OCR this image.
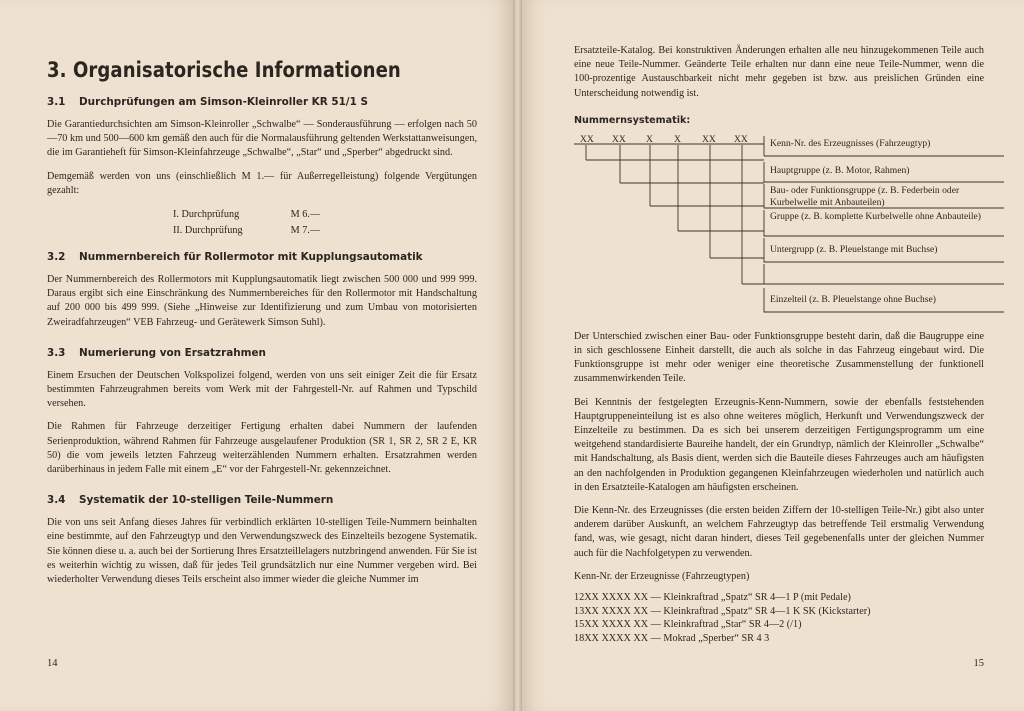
3. Organisatorische Informationen
3.1 Durchprüfungen am Simson-Kleinroller KR 51/1 S

Die Garantiedurchsichten am Simson-Kleinroller „Schwalbe“ — Sonderausführung — erfolgen nach 50—70 km und 500—600 km gemäß den auch für die Normalausführung geltenden Werkstattanweisungen, die im Garantieheft für Simson-Kleinfahrzeuge „Schwalbe“, „Star“ und „Sperber“ abgedruckt sind.

Demgemäß werden von uns (einschließlich M 1.— für Außerregelleistung) folgende Vergütungen gezahlt:

I. Durchprüfung	M 6.—
II. Durchprüfung	M 7.—
3.2 Nummernbereich für Rollermotor mit Kupplungsautomatik

Der Nummernbereich des Rollermotors mit Kupplungsautomatik liegt zwischen 500 000 und 999 999. Daraus ergibt sich eine Einschränkung des Nummernbereiches für den Rollermotor mit Handschaltung auf 200 000 bis 499 999. (Siehe „Hinweise zur Identifizierung und zum Umbau von motorisierten Zweiradfahrzeugen“ VEB Fahrzeug- und Gerätewerk Simson Suhl).

3.3 Numerierung von Ersatzrahmen

Einem Ersuchen der Deutschen Volkspolizei folgend, werden von uns seit einiger Zeit die für Ersatz bestimmten Fahrzeugrahmen bereits vom Werk mit der Fahrgestell-Nr. auf Rahmen und Typschild versehen.

Die Rahmen für Fahrzeuge derzeitiger Fertigung erhalten dabei Nummern der laufenden Serienproduktion, während Rahmen für Fahrzeuge ausgelaufener Produktion (SR 1, SR 2, SR 2 E, KR 50) die vom jeweils letzten Fahrzeug weiterzählenden Nummern erhalten. Ersatzrahmen werden darüberhinaus in jedem Falle mit einem „E“ vor der Fahrgestell-Nr. gekennzeichnet.

3.4 Systematik der 10-stelligen Teile-Nummern

Die von uns seit Anfang dieses Jahres für verbindlich erklärten 10-stelligen Teile-Nummern beinhalten eine bestimmte, auf den Fahrzeugtyp und den Verwendungszweck des Einzelteils bezogene Systematik. Sie können diese u. a. auch bei der Sortierung Ihres Ersatzteillelagers nutzbringend anwenden. Für Sie ist es weiterhin wichtig zu wissen, daß für jedes Teil grundsätzlich nur eine Nummer vergeben wird. Bei wiederholter Verwendung dieses Teils erscheint also immer wieder die gleiche Nummer im

14

Ersatzteile-Katalog. Bei konstruktiven Änderungen erhalten alle neu hinzugekommenen Teile auch eine neue Teile-Nummer. Geänderte Teile erhalten nur dann eine neue Teile-Nummer, wenn die 100-prozentige Austauschbarkeit nicht mehr gegeben ist bzw. aus preislichen Gründen eine Unterscheidung notwendig ist.

Nummernsystematik:
XX XX X X XX XX Kenn-Nr. des Erzeugnisses (Fahrzeugtyp)
Hauptgruppe (z. B. Motor, Rahmen)
Bau- oder Funktionsgruppe (z. B. Federbein oder Kurbelwelle mit Anbauteilen)
Gruppe (z. B. komplette Kurbelwelle ohne Anbauteile)
Untergrupp (z. B. Pleuelstange mit Buchse)
Einzelteil (z. B. Pleuelstange ohne Buchse)

Der Unterschied zwischen einer Bau- oder Funktionsgruppe besteht darin, daß die Baugruppe eine in sich geschlossene Einheit darstellt, die auch als solche in das Fahrzeug eingebaut wird. Die Funktionsgruppe ist mehr oder weniger eine theoretische Zusammenstellung der funktionell zusammenwirkenden Teile.

Bei Kenntnis der festgelegten Erzeugnis-Kenn-Nummern, sowie der ebenfalls feststehenden Hauptgruppeneinteilung ist es also ohne weiteres möglich, Herkunft und Verwendungszweck der Einzelteile zu bestimmen. Da es sich bei unserem derzeitigen Fertigungsprogramm um eine weitgehend standardisierte Baureihe handelt, der ein Grundtyp, nämlich der Kleinroller „Schwalbe“ mit Handschaltung, als Basis dient, werden sich die Bauteile dieses Fahrzeuges auch am häufigsten an den nachfolgenden in Produktion gegangenen Kleinfahrzeugen wiederholen und natürlich auch in den Ersatzteile-Katalogen am häufigsten erscheinen.

Die Kenn-Nr. des Erzeugnisses (die ersten beiden Ziffern der 10-stelligen Teile-Nr.) gibt also unter anderem darüber Auskunft, an welchem Fahrzeugtyp das betreffende Teil erstmalig Verwendung fand, was, wie gesagt, nicht daran hindert, dieses Teil gegebenenfalls unter der gleichen Nummer auch für die Nachfolgetypen zu verwenden.

Kenn-Nr. der Erzeugnisse (Fahrzeugtypen)

12XX XXXX XX — Kleinkraftrad „Spatz“ SR 4—1 P (mit Pedale)

13XX XXXX XX — Kleinkraftrad „Spatz“ SR 4—1 K SK (Kickstarter)

15XX XXXX XX — Kleinkraftrad „Star“ SR 4—2 (/1)

18XX XXXX XX — Mokrad „Sperber“ SR 4 3

15
